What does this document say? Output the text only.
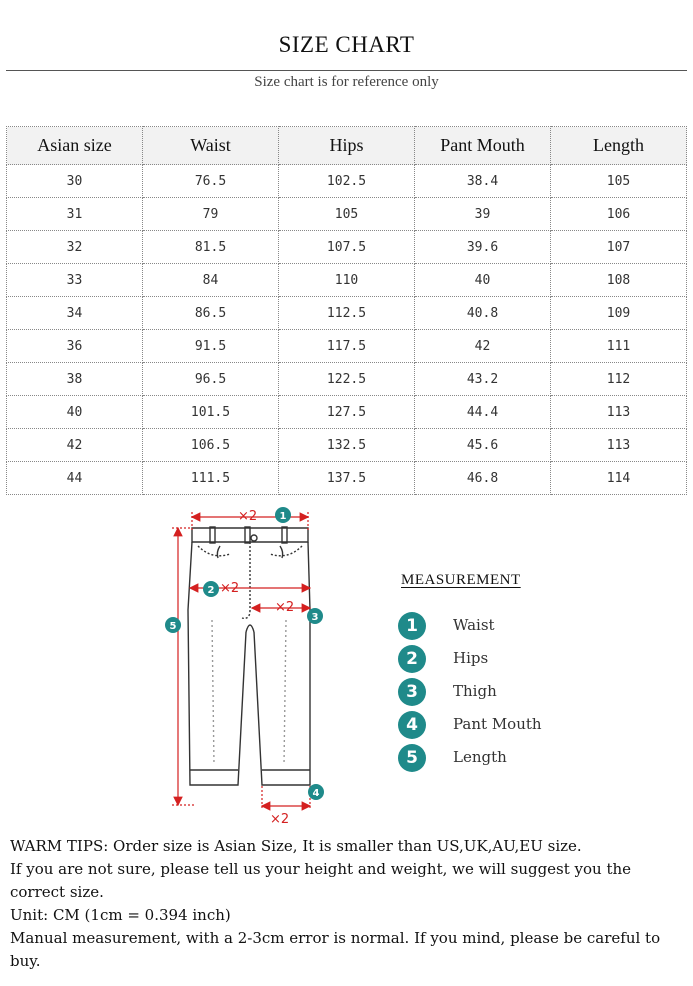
SIZE CHART
Size chart is for reference only
Asian size	Waist	Hips	Pant Mouth	Length
30	76.5	102.5	38.4	105
31	79	105	39	106
32	81.5	107.5	39.6	107
33	84	110	40	108
34	86.5	112.5	40.8	109
36	91.5	117.5	42	111
38	96.5	122.5	43.2	112
40	101.5	127.5	44.4	113
42	106.5	132.5	45.6	113
44	111.5	137.5	46.8	114
×2
×2
×2
×2
1
2
3
4
5
MEASUREMENT
1	Waist
2	Hips
3	Thigh
4	Pant Mouth
5	Length

WARM TIPS: Order size is Asian Size, It is smaller than US,UK,AU,EU size.

If you are not sure, please tell us your height and weight, we will suggest you the correct size.

Unit: CM (1cm = 0.394 inch)

Manual measurement, with a 2-3cm error is normal. If you mind, please be careful to buy.
